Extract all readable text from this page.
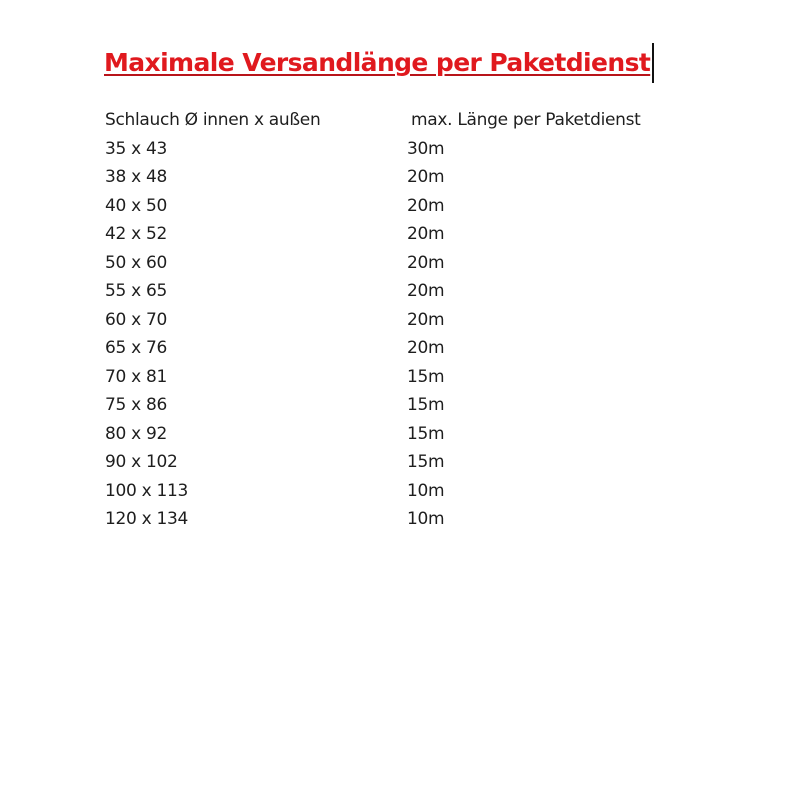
Maximale Versandlänge per Paketdienst
Schlauch Ø innen x außen	max. Länge per Paketdienst
35 x 43	30m
38 x 48	20m
40 x 50	20m
42 x 52	20m
50 x 60	20m
55 x 65	20m
60 x 70	20m
65 x 76	20m
70 x 81	15m
75 x 86	15m
80 x 92	15m
90 x 102	15m
100 x 113	10m
120 x 134	10m
